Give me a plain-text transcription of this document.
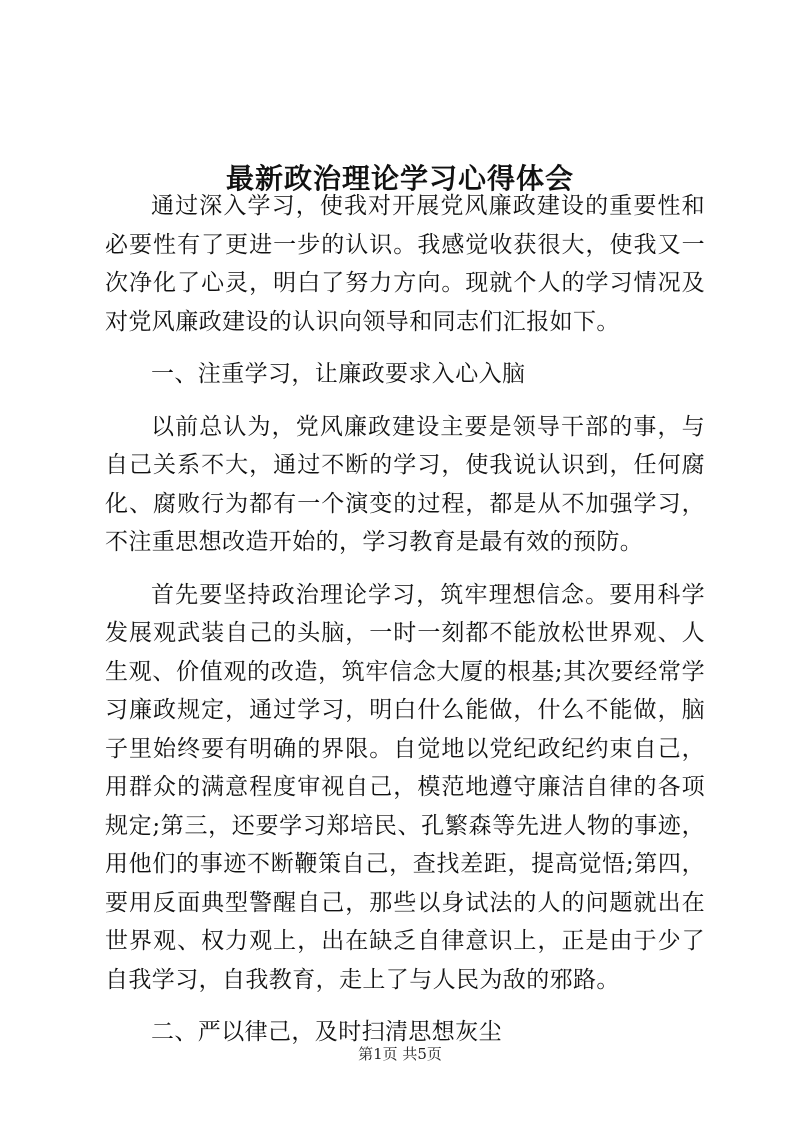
最新政治理论学习心得体会

通过深入学习，使我对开展党风廉政建设的重要性和必要性有了更进一步的认识。我感觉收获很大，使我又一次净化了心灵，明白了努力方向。现就个人的学习情况及对党风廉政建设的认识向领导和同志们汇报如下。

一、注重学习，让廉政要求入心入脑

以前总认为，党风廉政建设主要是领导干部的事，与自己关系不大，通过不断的学习，使我说认识到，任何腐化、腐败行为都有一个演变的过程，都是从不加强学习，不注重思想改造开始的，学习教育是最有效的预防。

首先要坚持政治理论学习，筑牢理想信念。要用科学发展观武装自己的头脑，一时一刻都不能放松世界观、人生观、价值观的改造，筑牢信念大厦的根基;其次要经常学习廉政规定，通过学习，明白什么能做，什么不能做，脑子里始终要有明确的界限。自觉地以党纪政纪约束自己，用群众的满意程度审视自己，模范地遵守廉洁自律的各项规定;第三，还要学习郑培民、孔繁森等先进人物的事迹，用他们的事迹不断鞭策自己，查找差距，提高觉悟;第四，要用反面典型警醒自己，那些以身试法的人的问题就出在世界观、权力观上，出在缺乏自律意识上，正是由于少了自我学习，自我教育，走上了与人民为敌的邪路。

二、严以律己，及时扫清思想灰尘

第1页 共5页
